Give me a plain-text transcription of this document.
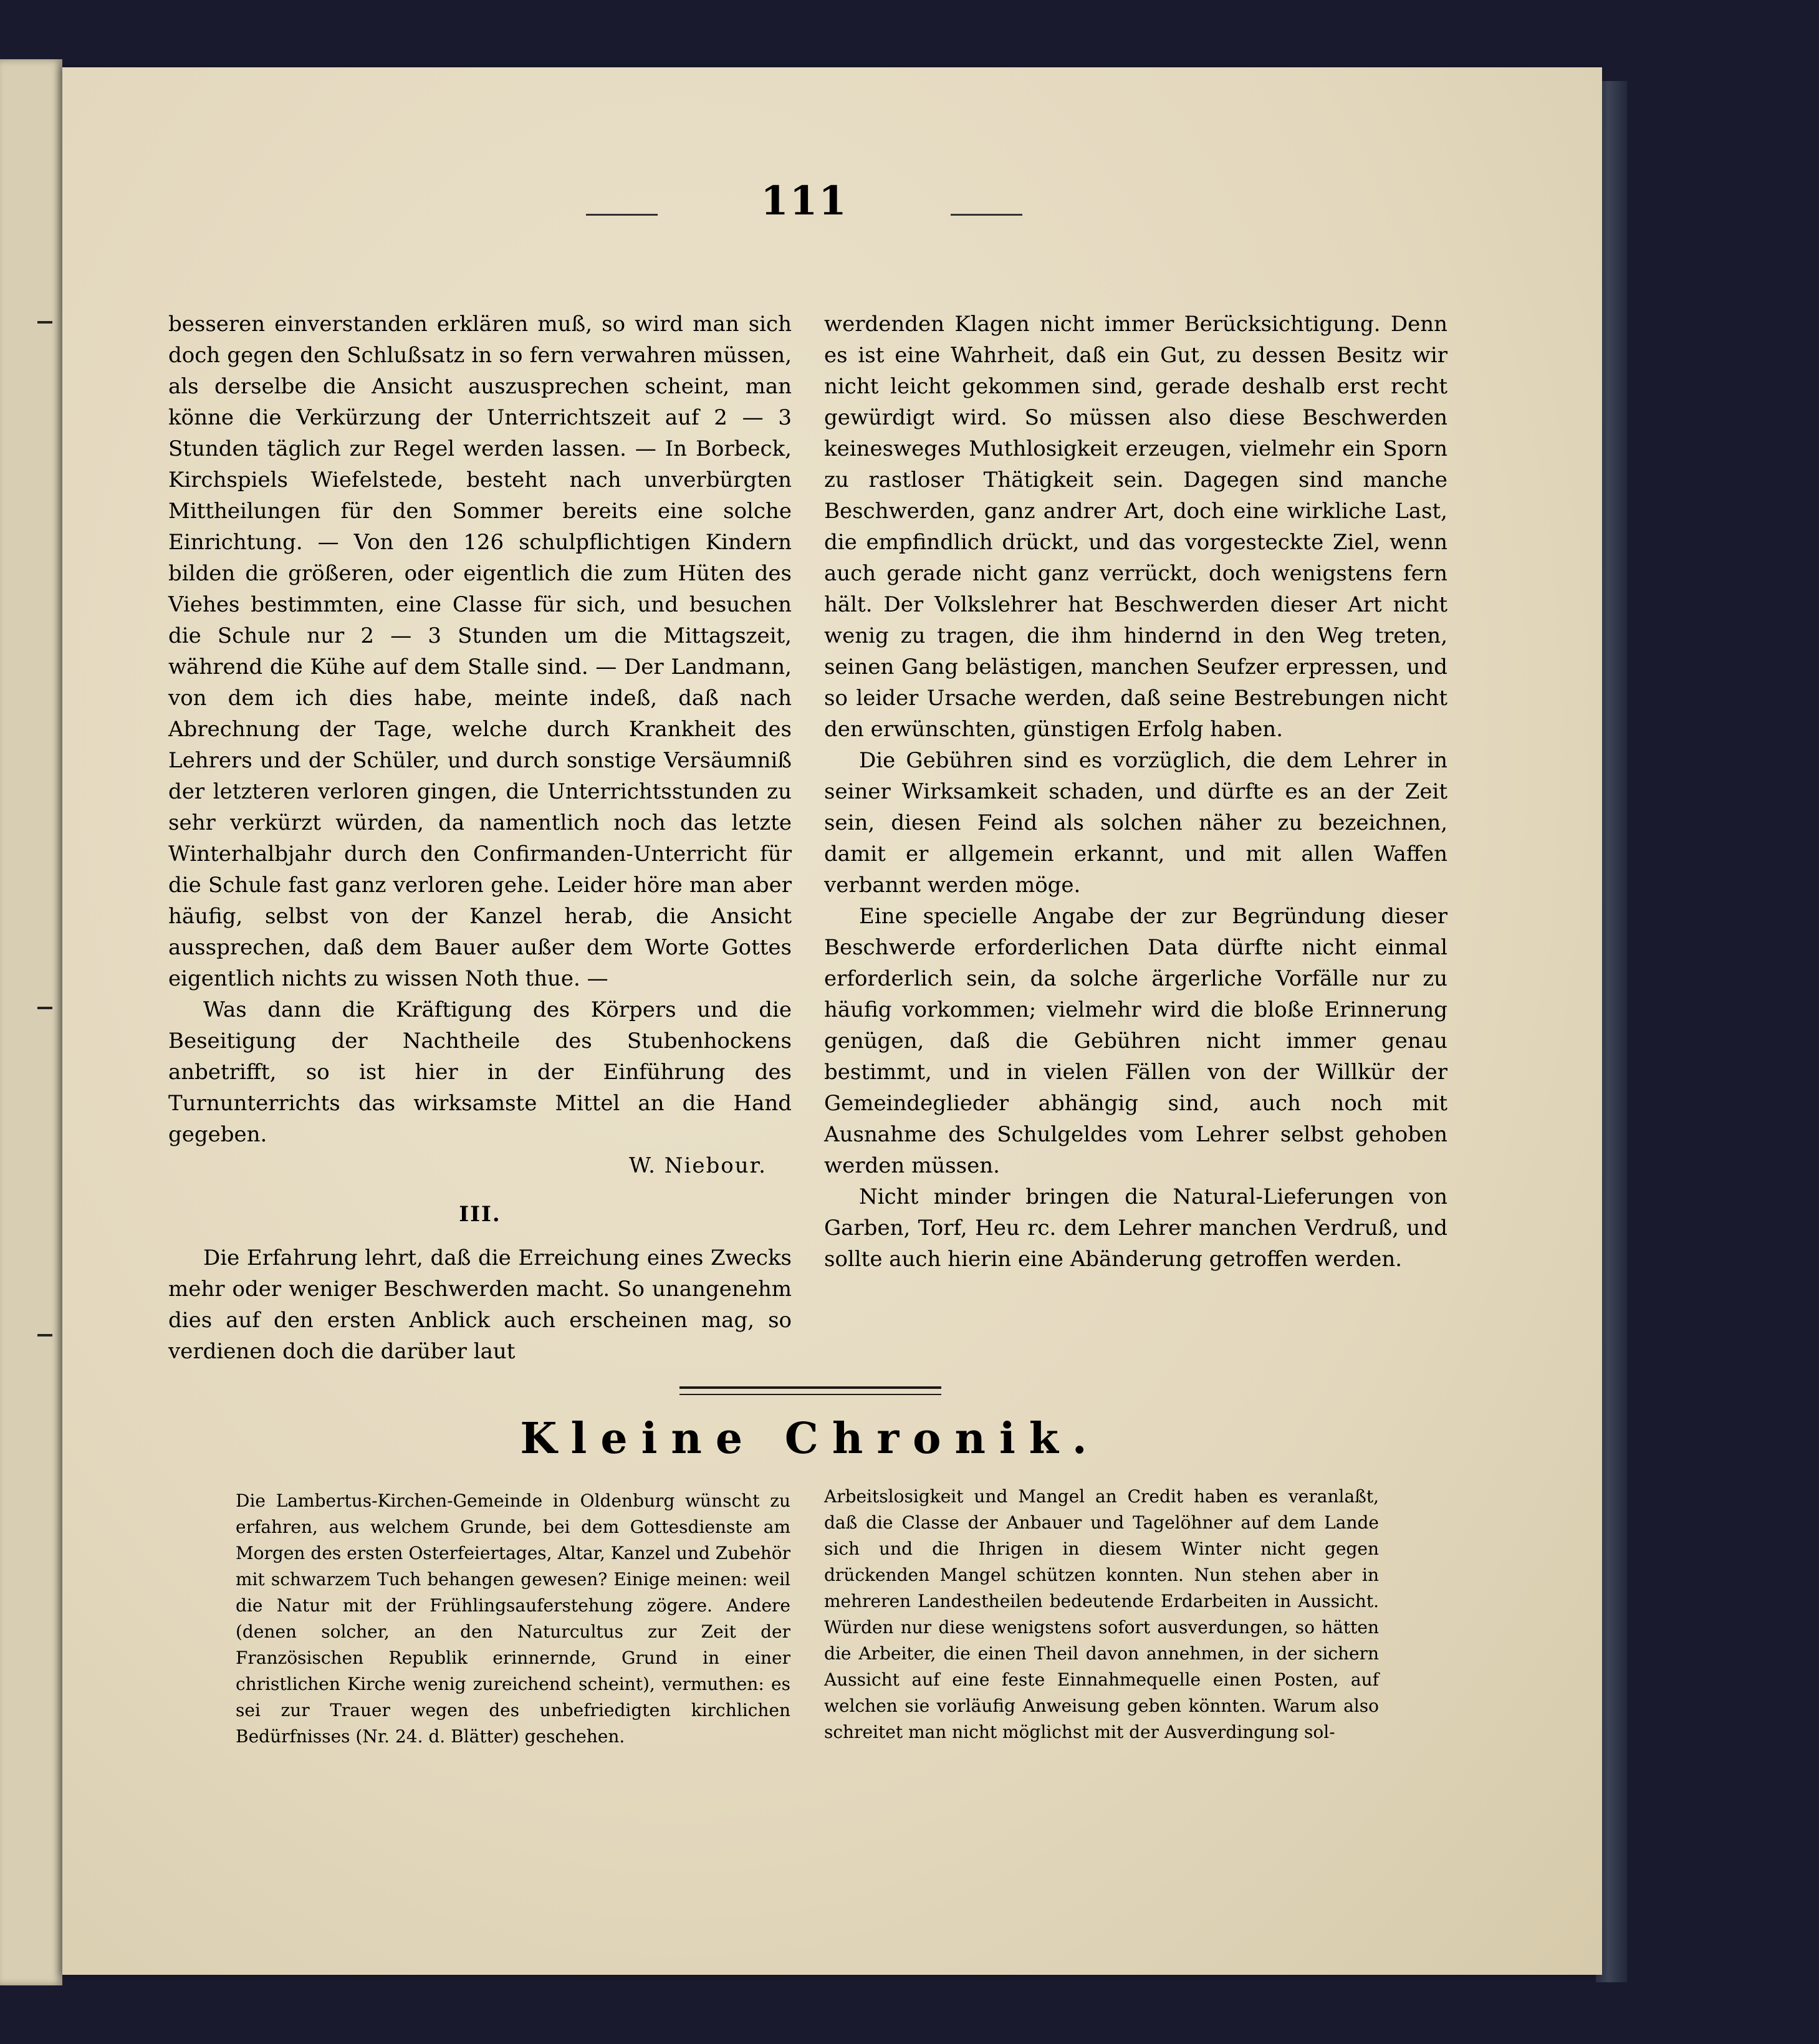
111

besseren einverstanden erklären muß, so wird man sich doch gegen den Schlußsatz in so fern verwahren müssen, als derselbe die Ansicht auszusprechen scheint, man könne die Verkürzung der Unterrichtszeit auf 2 — 3 Stunden täglich zur Regel werden lassen. — In Borbeck, Kirchspiels Wiefelstede, besteht nach unverbürgten Mittheilungen für den Sommer bereits eine solche Einrichtung. — Von den 126 schulpflichtigen Kindern bilden die größeren, oder eigentlich die zum Hüten des Viehes bestimmten, eine Classe für sich, und besuchen die Schule nur 2 — 3 Stunden um die Mittagszeit, während die Kühe auf dem Stalle sind. — Der Landmann, von dem ich dies habe, meinte indeß, daß nach Abrechnung der Tage, welche durch Krankheit des Lehrers und der Schüler, und durch sonstige Versäumniß der letzteren verloren gingen, die Unterrichtsstunden zu sehr verkürzt würden, da namentlich noch das letzte Winterhalbjahr durch den Confirmanden-Unterricht für die Schule fast ganz verloren gehe. Leider höre man aber häufig, selbst von der Kanzel herab, die Ansicht aussprechen, daß dem Bauer außer dem Worte Gottes eigentlich nichts zu wissen Noth thue. —

Was dann die Kräftigung des Körpers und die Beseitigung der Nachtheile des Stubenhockens anbetrifft, so ist hier in der Einführung des Turnunterrichts das wirksamste Mittel an die Hand gegeben.

W. Niebour.

III.

Die Erfahrung lehrt, daß die Erreichung eines Zwecks mehr oder weniger Beschwerden macht. So unangenehm dies auf den ersten Anblick auch erscheinen mag, so verdienen doch die darüber laut

werdenden Klagen nicht immer Berücksichtigung. Denn es ist eine Wahrheit, daß ein Gut, zu dessen Besitz wir nicht leicht gekommen sind, gerade deshalb erst recht gewürdigt wird. So müssen also diese Beschwerden keinesweges Muthlosigkeit erzeugen, vielmehr ein Sporn zu rastloser Thätigkeit sein. Dagegen sind manche Beschwerden, ganz andrer Art, doch eine wirkliche Last, die empfindlich drückt, und das vorgesteckte Ziel, wenn auch gerade nicht ganz verrückt, doch wenigstens fern hält. Der Volkslehrer hat Beschwerden dieser Art nicht wenig zu tragen, die ihm hindernd in den Weg treten, seinen Gang belästigen, manchen Seufzer erpressen, und so leider Ursache werden, daß seine Bestrebungen nicht den erwünschten, günstigen Erfolg haben.

Die Gebühren sind es vorzüglich, die dem Lehrer in seiner Wirksamkeit schaden, und dürfte es an der Zeit sein, diesen Feind als solchen näher zu bezeichnen, damit er allgemein erkannt, und mit allen Waffen verbannt werden möge.

Eine specielle Angabe der zur Begründung dieser Beschwerde erforderlichen Data dürfte nicht einmal erforderlich sein, da solche ärgerliche Vorfälle nur zu häufig vorkommen; vielmehr wird die bloße Erinnerung genügen, daß die Gebühren nicht immer genau bestimmt, und in vielen Fällen von der Willkür der Gemeindeglieder abhängig sind, auch noch mit Ausnahme des Schulgeldes vom Lehrer selbst gehoben werden müssen.

Nicht minder bringen die Natural-Lieferungen von Garben, Torf, Heu rc. dem Lehrer manchen Verdruß, und sollte auch hierin eine Abänderung getroffen werden.

Kleine Chronik.

Die Lambertus-Kirchen-Gemeinde in Oldenburg wünscht zu erfahren, aus welchem Grunde, bei dem Gottesdienste am Morgen des ersten Osterfeiertages, Altar, Kanzel und Zubehör mit schwarzem Tuch behangen gewesen? Einige meinen: weil die Natur mit der Frühlingsauferstehung zögere. Andere (denen solcher, an den Naturcultus zur Zeit der Französischen Republik erinnernde, Grund in einer christlichen Kirche wenig zureichend scheint), vermuthen: es sei zur Trauer wegen des unbefriedigten kirchlichen Bedürfnisses (Nr. 24. d. Blätter) geschehen.

Arbeitslosigkeit und Mangel an Credit haben es veranlaßt, daß die Classe der Anbauer und Tagelöhner auf dem Lande sich und die Ihrigen in diesem Winter nicht gegen drückenden Mangel schützen konnten. Nun stehen aber in mehreren Landestheilen bedeutende Erdarbeiten in Aussicht. Würden nur diese wenigstens sofort ausverdungen, so hätten die Arbeiter, die einen Theil davon annehmen, in der sichern Aussicht auf eine feste Einnahmequelle einen Posten, auf welchen sie vorläufig Anweisung geben könnten. Warum also schreitet man nicht möglichst mit der Ausverdingung sol-
